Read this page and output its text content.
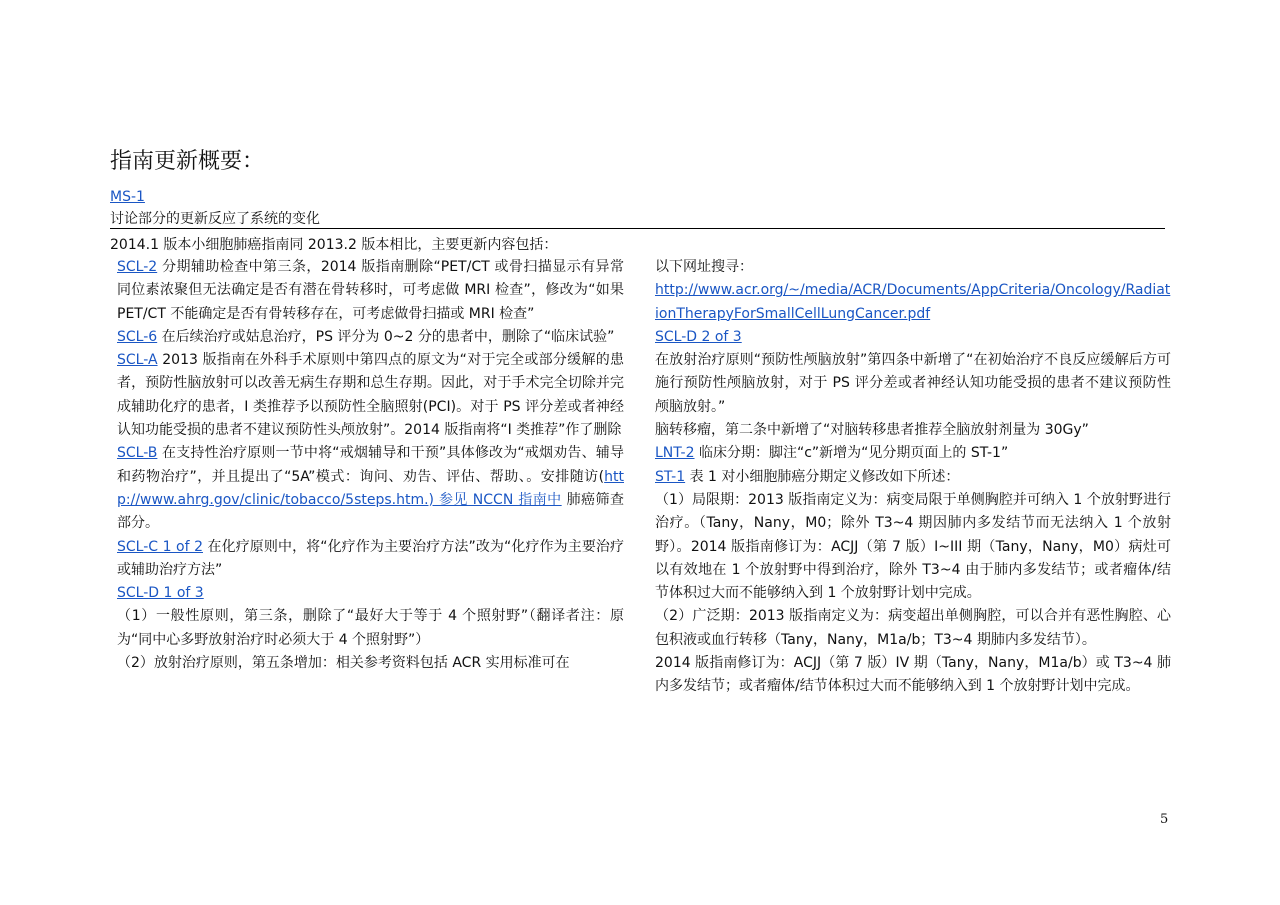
指南更新概要：
MS-1
讨论部分的更新反应了系统的变化
2014.1 版本小细胞肺癌指南同 2013.2 版本相比，主要更新内容包括：

SCL-2 分期辅助检查中第三条，2014 版指南删除“PET/CT 或骨扫描显示有异常同位素浓聚但无法确定是否有潜在骨转移时，可考虑做 MRI 检查”，修改为“如果 PET/CT 不能确定是否有骨转移存在，可考虑做骨扫描或 MRI 检查”

SCL-6 在后续治疗或姑息治疗，PS 评分为 0~2 分的患者中，删除了“临床试验”

SCL-A 2013 版指南在外科手术原则中第四点的原文为“对于完全或部分缓解的患者，预防性脑放射可以改善无病生存期和总生存期。因此，对于手术完全切除并完成辅助化疗的患者，I 类推荐予以预防性全脑照射(PCI)。对于 PS 评分差或者神经认知功能受损的患者不建议预防性头颅放射”。2014 版指南将“I 类推荐”作了删除

SCL-B 在支持性治疗原则一节中将“戒烟辅导和干预”具体修改为“戒烟劝告、辅导和药物治疗”，并且提出了“5A”模式：询问、劝告、评估、帮助、。安排随访(http://www.ahrg.gov/clinic/tobacco/5steps.htm.) 参见 NCCN 指南中 肺癌筛查部分。

SCL-C 1 of 2 在化疗原则中，将“化疗作为主要治疗方法”改为“化疗作为主要治疗或辅助治疗方法”

SCL-D 1 of 3

（1）一般性原则，第三条，删除了“最好大于等于 4 个照射野”（翻译者注：原为“同中心多野放射治疗时必须大于 4 个照射野”）

（2）放射治疗原则，第五条增加：相关参考资料包括 ACR 实用标准可在

以下网址搜寻：

http://www.acr.org/~/media/ACR/Documents/AppCriteria/Oncology/RadiationTherapyForSmallCellLungCancer.pdf

SCL-D 2 of 3

在放射治疗原则“预防性颅脑放射”第四条中新增了“在初始治疗不良反应缓解后方可施行预防性颅脑放射，对于 PS 评分差或者神经认知功能受损的患者不建议预防性颅脑放射。”

脑转移瘤，第二条中新增了“对脑转移患者推荐全脑放射剂量为 30Gy”

LNT-2 临床分期：脚注“c”新增为“见分期页面上的 ST-1”

ST-1 表 1 对小细胞肺癌分期定义修改如下所述：

（1）局限期：2013 版指南定义为：病变局限于单侧胸腔并可纳入 1 个放射野进行治疗。（Tany，Nany，M0；除外 T3~4 期因肺内多发结节而无法纳入 1 个放射野）。2014 版指南修订为：ACJJ（第 7 版）I~III 期（Tany，Nany，M0）病灶可以有效地在 1 个放射野中得到治疗，除外 T3~4 由于肺内多发结节；或者瘤体/结节体积过大而不能够纳入到 1 个放射野计划中完成。

（2）广泛期：2013 版指南定义为：病变超出单侧胸腔，可以合并有恶性胸腔、心包积液或血行转移（Tany，Nany，M1a/b；T3~4 期肺内多发结节）。

2014 版指南修订为：ACJJ（第 7 版）IV 期（Tany，Nany，M1a/b）或 T3~4 肺内多发结节；或者瘤体/结节体积过大而不能够纳入到 1 个放射野计划中完成。

5
